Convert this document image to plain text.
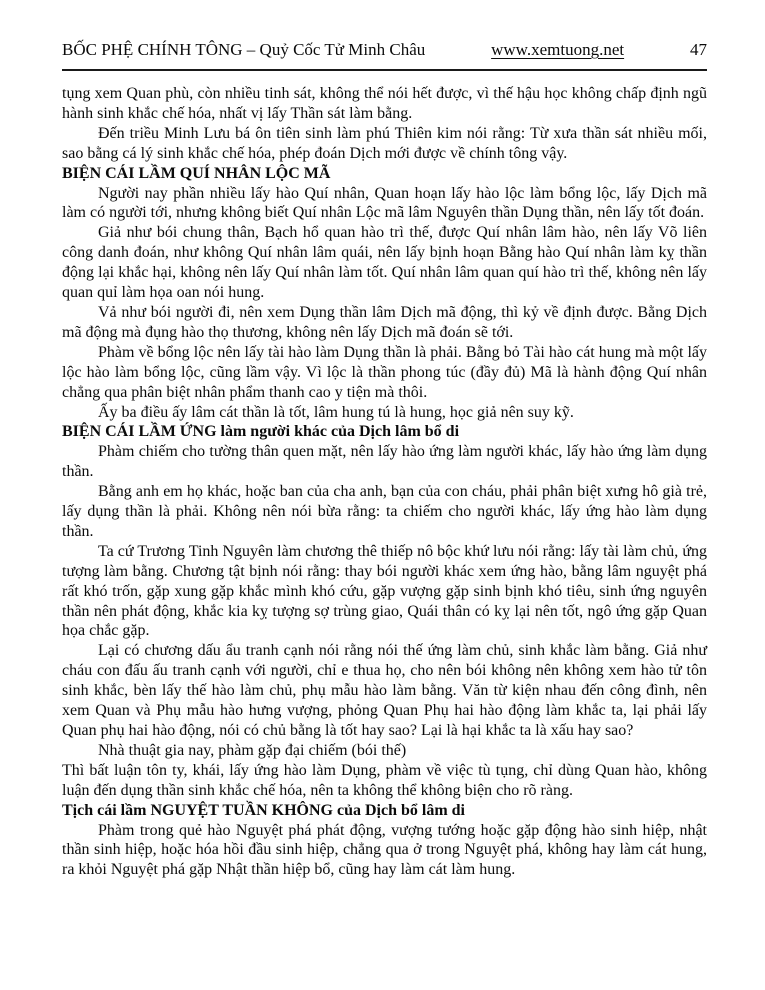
BỐC PHỆ CHÍNH TÔNG – Quỷ Cốc Tử Minh Châu	www.xemtuong.net	47

tụng xem Quan phù, còn nhiều tinh sát, không thể nói hết được, vì thế hậu học không chấp định ngũ hành sinh khắc chế hóa, nhất vị lấy Thần sát làm bằng.

Đến triều Minh Lưu bá ôn tiên sinh làm phú Thiên kim nói rằng: Từ xưa thần sát nhiều mối, sao bằng cá lý sinh khắc chế hóa, phép đoán Dịch mới được về chính tông vậy.

BIỆN CÁI LẦM QUÍ NHÂN LỘC MÃ

Người nay phần nhiều lấy hào Quí nhân, Quan hoạn lấy hào lộc làm bổng lộc, lấy Dịch mã làm có người tới, nhưng không biết Quí nhân Lộc mã lâm Nguyên thần Dụng thần, nên lấy tốt đoán.

Giả như bói chung thân, Bạch hổ quan hào trì thế, được Quí nhân lâm hào, nên lấy Võ liên công danh đoán, như không Quí nhân lâm quái, nên lấy bịnh hoạn Bằng hào Quí nhân làm kỵ thần động lại khắc hại, không nên lấy Quí nhân làm tốt. Quí nhân lâm quan quí hào trì thế, không nên lấy quan quỉ làm họa oan nói hung.

Vả như bói người đi, nên xem Dụng thần lâm Dịch mã động, thì kỷ về định được. Bằng Dịch mã động mà đụng hào thọ thương, không nên lấy Dịch mã đoán sẽ tới.

Phàm về bổng lộc nên lấy tài hào làm Dụng thần là phải. Bằng bỏ Tài hào cát hung mà một lấy lộc hào làm bổng lộc, cũng lầm vậy. Vì lộc là thần phong túc (đầy đủ) Mã là hành động Quí nhân chẳng qua phân biệt nhân phẩm thanh cao y tiện mà thôi.

Ấy ba điều ấy lâm cát thần là tốt, lâm hung tú là hung, học giả nên suy kỹ.

BIỆN CÁI LẦM ỨNG làm người khác của Dịch lâm bổ di

Phàm chiếm cho tường thân quen mặt, nên lấy hào ứng làm người khác, lấy hào ứng làm dụng thần.

Bằng anh em họ khác, hoặc ban của cha anh, bạn của con cháu, phải phân biệt xưng hô già trẻ, lấy dụng thần là phải. Không nên nói bừa rằng: ta chiếm cho người khác, lấy ứng hào làm dụng thần.

Ta cứ Trương Tinh Nguyên làm chương thê thiếp nô bộc khứ lưu nói rằng: lấy tài làm chủ, ứng tượng làm bằng. Chương tật bịnh nói rằng: thay bói người khác xem ứng hào, bằng lâm nguyệt phá rất khó trốn, gặp xung gặp khắc mình khó cứu, gặp vượng gặp sinh bịnh khó tiêu, sinh ứng nguyên thần nên phát động, khắc kia kỵ tượng sợ trùng giao, Quái thân có kỵ lại nên tốt, ngô ứng gặp Quan họa chắc gặp.

Lại có chương dấu ẩu tranh cạnh nói rằng nói thế ứng làm chủ, sinh khắc làm bằng. Giả như cháu con đấu ấu tranh cạnh với người, chỉ e thua họ, cho nên bói không nên không xem hào tử tôn sinh khắc, bèn lấy thế hào làm chủ, phụ mẫu hào làm bằng. Văn từ kiện nhau đến công đình, nên xem Quan và Phụ mẫu hào hưng vượng, phỏng Quan Phụ hai hào động làm khắc ta, lại phải lấy Quan phụ hai hào động, nói có chủ bằng là tốt hay sao? Lại là hại khắc ta là xấu hay sao?

Nhà thuật gia nay, phàm gặp đại chiếm (bói thế)

Thì bất luận tôn ty, khái, lấy ứng hào làm Dụng, phàm về việc tù tụng, chỉ dùng Quan hào, không luận đến dụng thần sinh khắc chế hóa, nên ta không thể không biện cho rõ ràng.

Tịch cái lầm NGUYỆT TUẦN KHÔNG của Dịch bổ lâm di

Phàm trong quẻ hào Nguyệt phá phát động, vượng tướng hoặc gặp động hào sinh hiệp, nhật thần sinh hiệp, hoặc hóa hồi đầu sinh hiệp, chẳng qua ở trong Nguyệt phá, không hay làm cát hung, ra khỏi Nguyệt phá gặp Nhật thần hiệp bổ, cũng hay làm cát làm hung.
